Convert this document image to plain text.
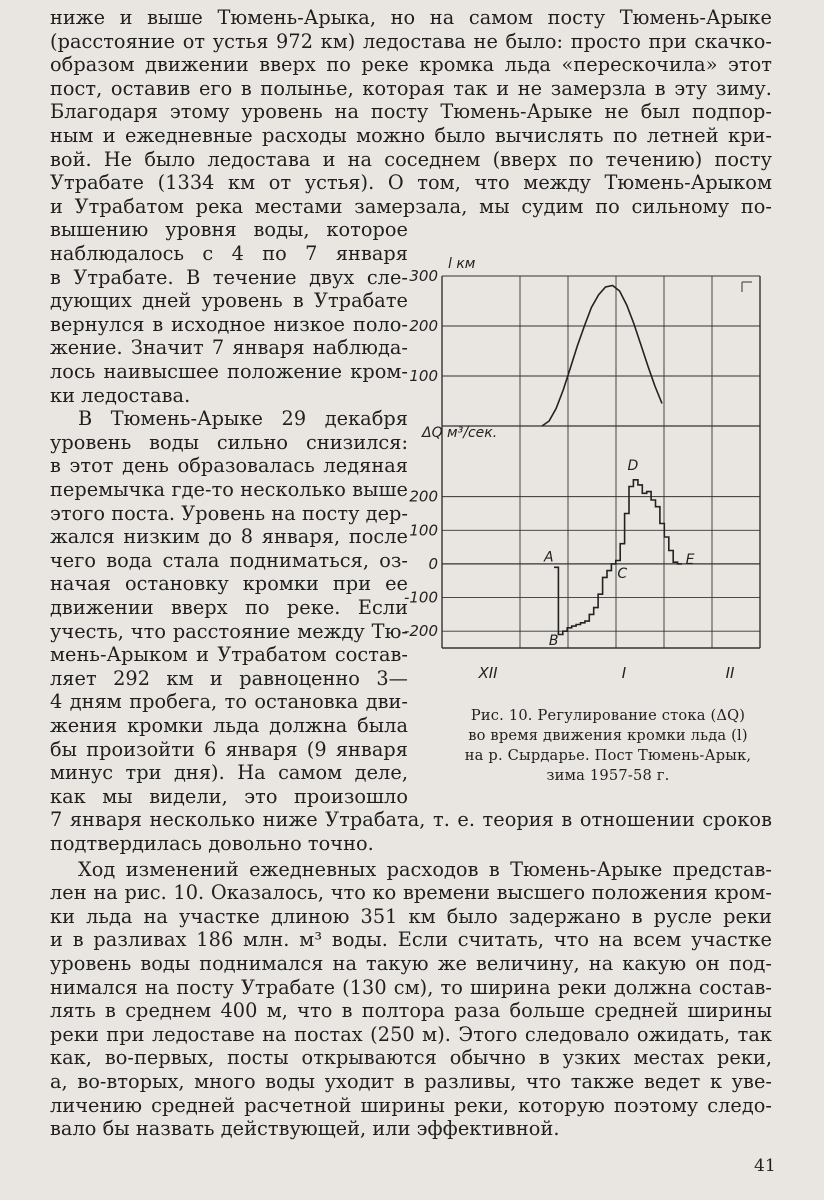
ниже и выше Тюмень-Арыка, но на самом посту Тюмень-Арыке

(расстояние от устья 972 км) ледостава не было: просто при скачко-

образом движении вверх по реке кромка льда «перескочила» этот

пост, оставив его в полынье, которая так и не замерзла в эту зиму.

Благодаря этому уровень на посту Тюмень-Арыке не был подпор-

ным и ежедневные расходы можно было вычислять по летней кри-

вой. Не было ледостава и на соседнем (вверх по течению) посту

Утрабате (1334 км от устья). О том, что между Тюмень-Арыком

и Утрабатом река местами замерзала, мы судим по сильному по-

вышению уровня воды, которое

наблюдалось с 4 по 7 января

в Утрабате. В течение двух сле-

дующих дней уровень в Утрабате

вернулся в исходное низкое поло-

жение. Значит 7 января наблюда-

лось наивысшее положение кром-

ки ледостава.

В Тюмень-Арыке 29 декабря

уровень воды сильно снизился:

в этот день образовалась ледяная

перемычка где-то несколько выше

этого поста. Уровень на посту дер-

жался низким до 8 января, после

чего вода стала подниматься, оз-

начая остановку кромки при ее

движении вверх по реке. Если

учесть, что расстояние между Тю-

мень-Арыком и Утрабатом состав-

ляет 292 км и равноценно 3—

4 дням пробега, то остановка дви-

жения кромки льда должна была

бы произойти 6 января (9 января

минус три дня). На самом деле,

как мы видели, это произошло

7 января несколько ниже Утрабата, т. е. теория в отношении сроков

подтвердилась довольно точно.

Ход изменений ежедневных расходов в Тюмень-Арыке представ-

лен на рис. 10. Оказалось, что ко времени высшего положения кром-

ки льда на участке длиною 351 км было задержано в русле реки

и в разливах 186 млн. м³ воды. Если считать, что на всем участке

уровень воды поднимался на такую же величину, на какую он под-

нимался на посту Утрабате (130 см), то ширина реки должна состав-

лять в среднем 400 м, что в полтора раза больше средней ширины

реки при ледоставе на постах (250 м). Этого следовало ожидать, так

как, во-первых, посты открываются обычно в узких местах реки,

а, во-вторых, много воды уходит в разливы, что также ведет к уве-

личению средней расчетной ширины реки, которую поэтому следо-

вало бы назвать действующей, или эффективной.

100
200
300
l км
-200
-100
0
100
200
ΔQ м³/сек.
XII	I	II
A
B
C
D
E

Рис. 10. Регулирование стока (ΔQ)

во время движения кромки льда (l)

на р. Сырдарье. Пост Тюмень-Арык,

зима 1957-58 г.

41
